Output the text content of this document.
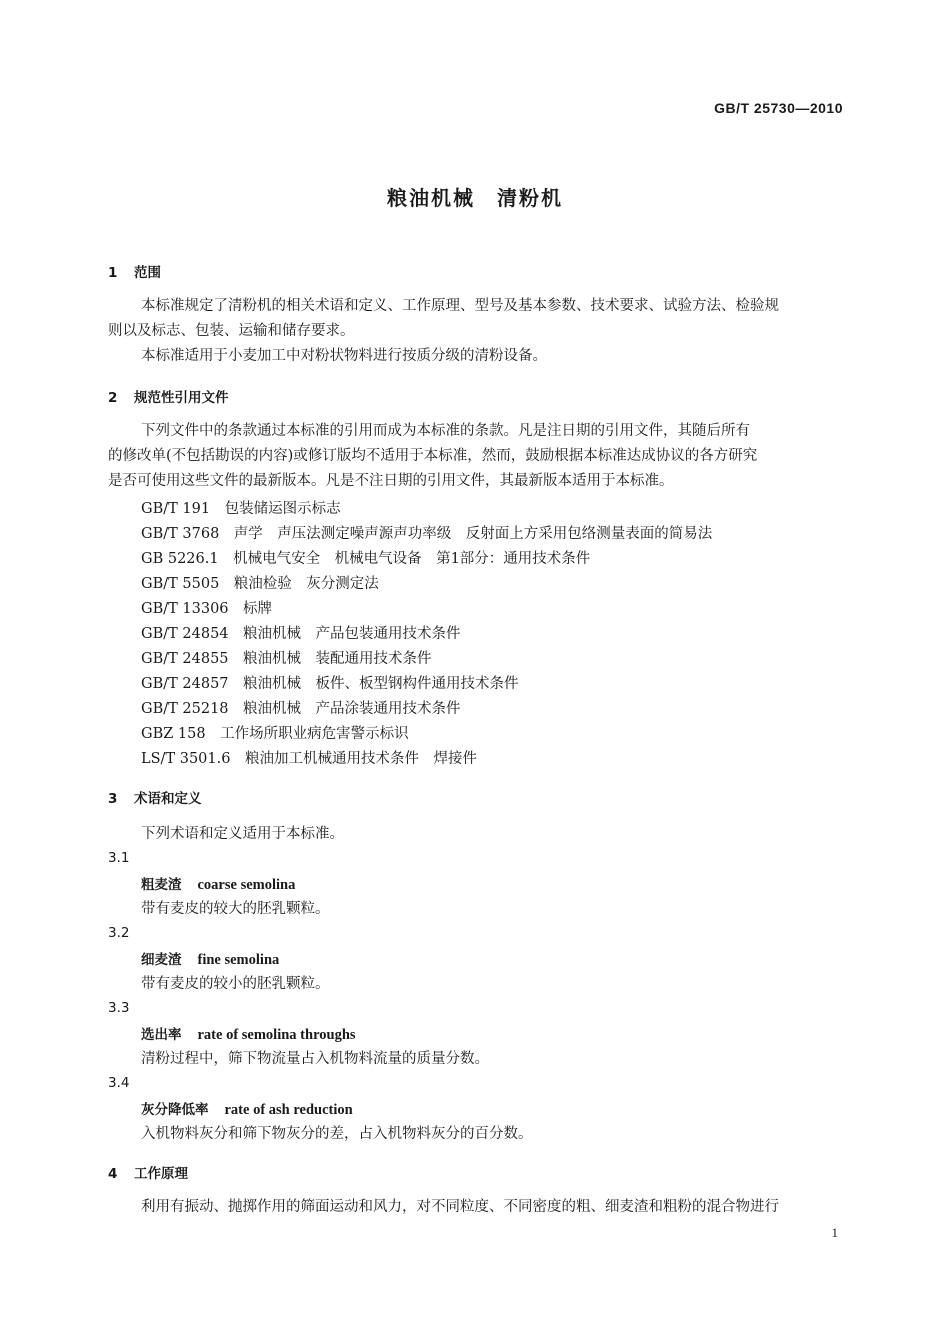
GB/T 25730—2010
粮油机械　清粉机
1 范围
本标准规定了清粉机的相关术语和定义、工作原理、型号及基本参数、技术要求、试验方法、检验规
则以及标志、包装、运输和储存要求。
本标准适用于小麦加工中对粉状物料进行按质分级的清粉设备。
2 规范性引用文件
下列文件中的条款通过本标准的引用而成为本标准的条款。凡是注日期的引用文件，其随后所有
的修改单(不包括勘误的内容)或修订版均不适用于本标准，然而，鼓励根据本标准达成协议的各方研究
是否可使用这些文件的最新版本。凡是不注日期的引用文件，其最新版本适用于本标准。
GB/T 191　包装储运图示标志
GB/T 3768　声学　声压法测定噪声源声功率级　反射面上方采用包络测量表面的简易法
GB 5226.1　机械电气安全　机械电气设备　第1部分：通用技术条件
GB/T 5505　粮油检验　灰分测定法
GB/T 13306　标牌
GB/T 24854　粮油机械　产品包装通用技术条件
GB/T 24855　粮油机械　装配通用技术条件
GB/T 24857　粮油机械　板件、板型钢构件通用技术条件
GB/T 25218　粮油机械　产品涂装通用技术条件
GBZ 158　工作场所职业病危害警示标识
LS/T 3501.6　粮油加工机械通用技术条件　焊接件
3 术语和定义
下列术语和定义适用于本标准。
3.1
粗麦渣 coarse semolina
带有麦皮的较大的胚乳颗粒。
3.2
细麦渣 fine semolina
带有麦皮的较小的胚乳颗粒。
3.3
选出率 rate of semolina throughs
清粉过程中，筛下物流量占入机物料流量的质量分数。
3.4
灰分降低率 rate of ash reduction
入机物料灰分和筛下物灰分的差，占入机物料灰分的百分数。
4 工作原理
利用有振动、抛掷作用的筛面运动和风力，对不同粒度、不同密度的粗、细麦渣和粗粉的混合物进行
1
